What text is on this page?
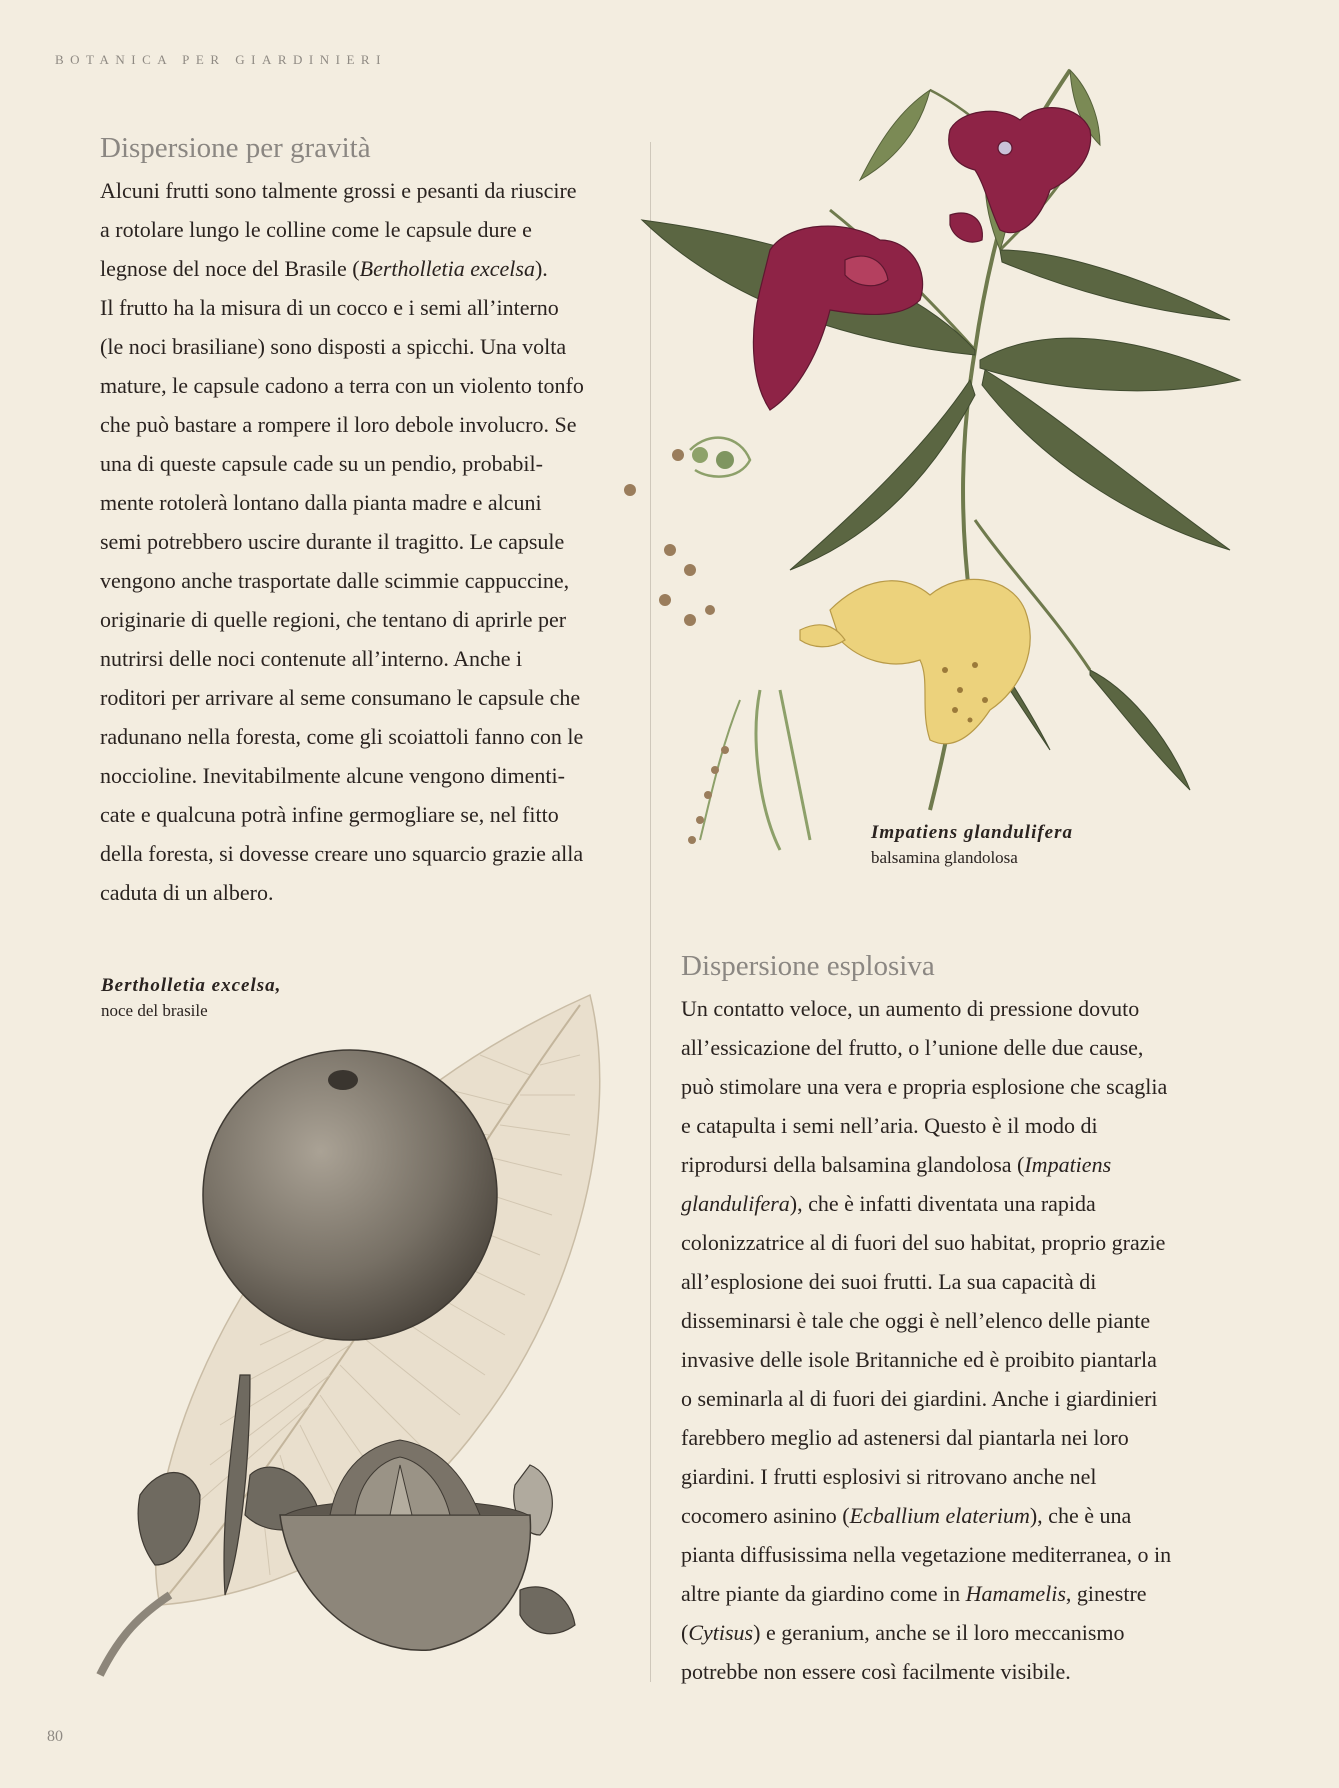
BOTANICA PER GIARDINIERI
Dispersione per gravità

Alcuni frutti sono talmente grossi e pesanti da riuscire
a rotolare lungo le colline come le capsule dure e
legnose del noce del Brasile (Bertholletia excelsa).
Il frutto ha la misura di un cocco e i semi all’interno
(le noci brasiliane) sono disposti a spicchi. Una volta
mature, le capsule cadono a terra con un violento tonfo
che può bastare a rompere il loro debole involucro. Se
una di queste capsule cade su un pendio, probabil-
mente rotolerà lontano dalla pianta madre e alcuni
semi potrebbero uscire durante il tragitto. Le capsule
vengono anche trasportate dalle scimmie cappuccine,
originarie di quelle regioni, che tentano di aprirle per
nutrirsi delle noci contenute all’interno. Anche i
roditori per arrivare al seme consumano le capsule che
radunano nella foresta, come gli scoiattoli fanno con le
noccioline. Inevitabilmente alcune vengono dimenti-
cate e qualcuna potrà infine germogliare se, nel fitto
della foresta, si dovesse creare uno squarcio grazie alla
caduta di un albero.

Bertholletia excelsa,
noce del brasile
Impatiens glandulifera
balsamina glandolosa
Dispersione esplosiva

Un contatto veloce, un aumento di pressione dovuto
all’essicazione del frutto, o l’unione delle due cause,
può stimolare una vera e propria esplosione che scaglia
e catapulta i semi nell’aria. Questo è il modo di
riprodursi della balsamina glandolosa (Impatiens
glandulifera), che è infatti diventata una rapida
colonizzatrice al di fuori del suo habitat, proprio grazie
all’esplosione dei suoi frutti. La sua capacità di
disseminarsi è tale che oggi è nell’elenco delle piante
invasive delle isole Britanniche ed è proibito piantarla
o seminarla al di fuori dei giardini. Anche i giardinieri
farebbero meglio ad astenersi dal piantarla nei loro
giardini. I frutti esplosivi si ritrovano anche nel
cocomero asinino (Ecballium elaterium), che è una
pianta diffusissima nella vegetazione mediterranea, o in
altre piante da giardino come in Hamamelis, ginestre
(Cytisus) e geranium, anche se il loro meccanismo
potrebbe non essere così facilmente visibile.

80
